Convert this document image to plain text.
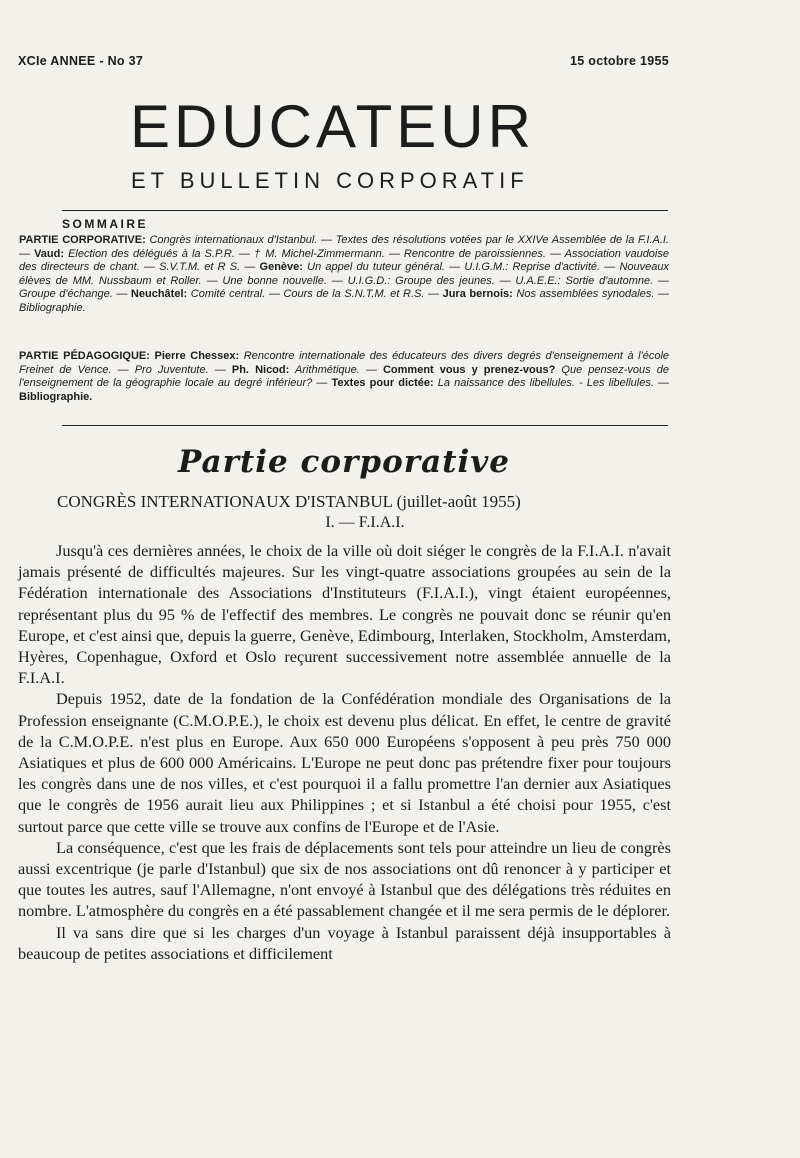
XCIe ANNEE - No 37	15 octobre 1955
EDUCATEUR
ET BULLETIN CORPORATIF
SOMMAIRE
PARTIE CORPORATIVE: Congrès internationaux d'Istanbul. — Textes des résolutions votées par le XXIVe Assemblée de la F.I.A.I. — Vaud: Election des délégués à la S.P.R. — † M. Michel-Zimmermann. — Rencontre de paroissiennes. — Association vaudoise des directeurs de chant. — S.V.T.M. et R S. — Genève: Un appel du tuteur général. — U.I.G.M.: Reprise d'activité. — Nouveaux élèves de MM. Nussbaum et Roller. — Une bonne nouvelle. — U.I.G.D.: Groupe des jeunes. — U.A.E.E.: Sortie d'automne. — Groupe d'échange. — Neuchâtel: Comité central. — Cours de la S.N.T.M. et R.S. — Jura bernois: Nos assemblées synodales. — Bibliographie.
PARTIE PÉDAGOGIQUE: Pierre Chessex: Rencontre internationale des éducateurs des divers degrés d'enseignement à l'école Freinet de Vence. — Pro Juventute. — Ph. Nicod: Arithmétique. — Comment vous y prenez-vous? Que pensez-vous de l'enseignement de la géographie locale au degré inférieur? — Textes pour dictée: La naissance des libellules. - Les libellules. — Bibliographie.
Partie corporative
CONGRÈS INTERNATIONAUX D'ISTANBUL (juillet-août 1955)
I. — F.I.A.I.

Jusqu'à ces dernières années, le choix de la ville où doit siéger le congrès de la F.I.A.I. n'avait jamais présenté de difficultés majeures. Sur les vingt-quatre associations groupées au sein de la Fédération internationale des Associations d'Instituteurs (F.I.A.I.), vingt étaient européennes, représentant plus du 95 % de l'effectif des membres. Le congrès ne pouvait donc se réunir qu'en Europe, et c'est ainsi que, depuis la guerre, Genève, Edimbourg, Interlaken, Stockholm, Amsterdam, Hyères, Copenhague, Oxford et Oslo reçurent successivement notre assemblée annuelle de la F.I.A.I.

Depuis 1952, date de la fondation de la Confédération mondiale des Organisations de la Profession enseignante (C.M.O.P.E.), le choix est devenu plus délicat. En effet, le centre de gravité de la C.M.O.P.E. n'est plus en Europe. Aux 650 000 Européens s'opposent à peu près 750 000 Asiatiques et plus de 600 000 Américains. L'Europe ne peut donc pas prétendre fixer pour toujours les congrès dans une de nos villes, et c'est pourquoi il a fallu promettre l'an dernier aux Asiatiques que le congrès de 1956 aurait lieu aux Philippines ; et si Istanbul a été choisi pour 1955, c'est surtout parce que cette ville se trouve aux confins de l'Europe et de l'Asie.

La conséquence, c'est que les frais de déplacements sont tels pour atteindre un lieu de congrès aussi excentrique (je parle d'Istanbul) que six de nos associations ont dû renoncer à y participer et que toutes les autres, sauf l'Allemagne, n'ont envoyé à Istanbul que des délégations très réduites en nombre. L'atmosphère du congrès en a été passablement changée et il me sera permis de le déplorer.

Il va sans dire que si les charges d'un voyage à Istanbul paraissent déjà insupportables à beaucoup de petites associations et difficilement
